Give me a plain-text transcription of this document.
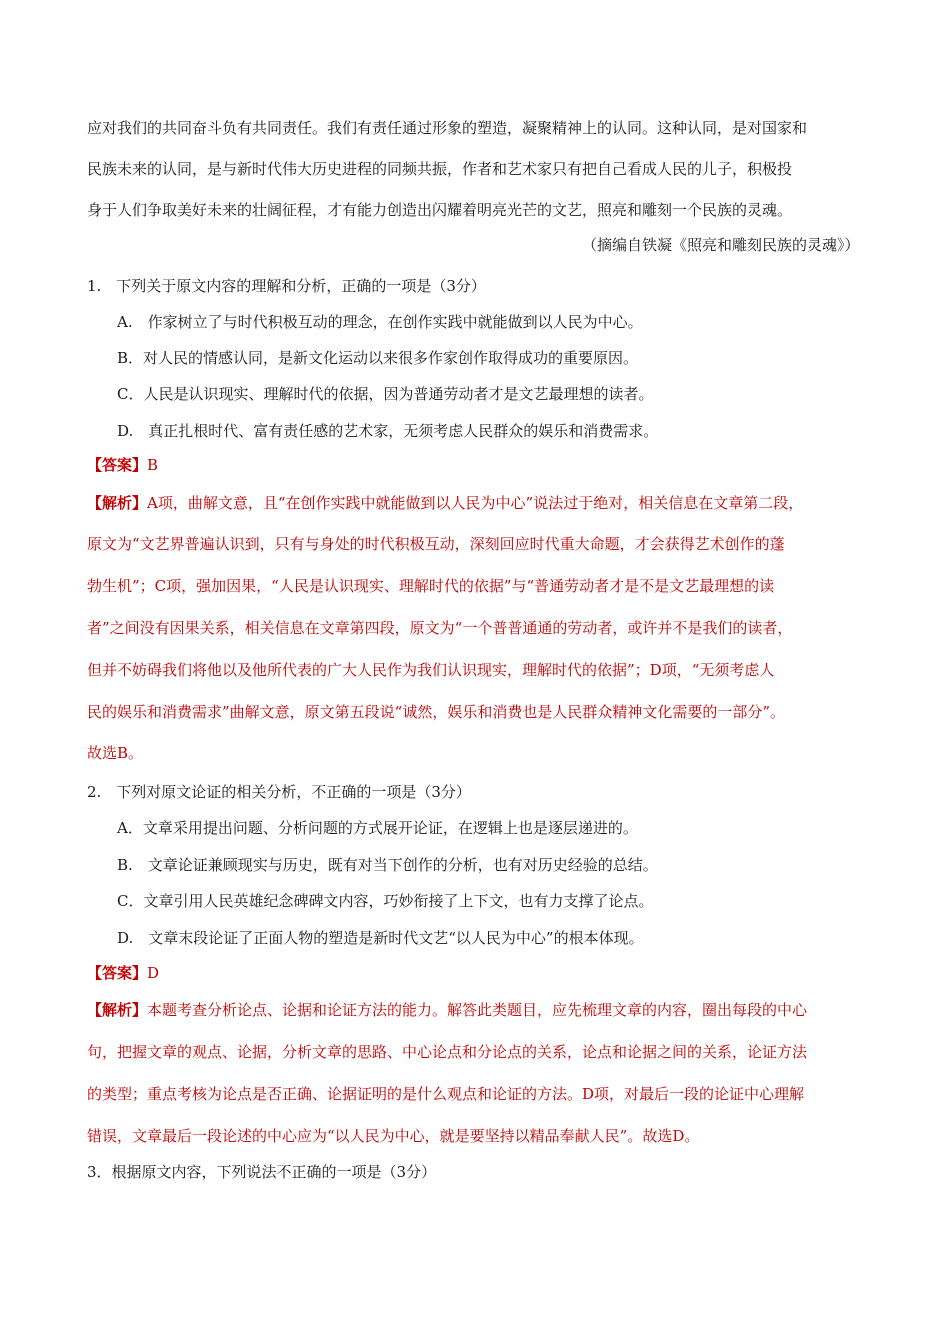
应对我们的共同奋斗负有共同责任。我们有责任通过形象的塑造，凝聚精神上的认同。这种认同，是对国家和
民族未来的认同，是与新时代伟大历史进程的同频共振，作者和艺术家只有把自己看成人民的儿子，积极投
身于人们争取美好未来的壮阔征程，才有能力创造出闪耀着明亮光芒的文艺，照亮和雕刻一个民族的灵魂。
（摘编自铁凝《照亮和雕刻民族的灵魂》）
1.　下列关于原文内容的理解和分析，正确的一项是（3分）
A.　作家树立了与时代积极互动的理念，在创作实践中就能做到以人民为中心。
B．对人民的情感认同，是新文化运动以来很多作家创作取得成功的重要原因。
C．人民是认识现实、理解时代的依据，因为普通劳动者才是文艺最理想的读者。
D.　真正扎根时代、富有责任感的艺术家，无须考虑人民群众的娱乐和消费需求。
【答案】B
【解析】A项，曲解文意，且“在创作实践中就能做到以人民为中心”说法过于绝对，相关信息在文章第二段，
原文为“文艺界普遍认识到，只有与身处的时代积极互动，深刻回应时代重大命题，才会获得艺术创作的蓬
勃生机”；C项，强加因果，“人民是认识现实、理解时代的依据”与“普通劳动者才是不是文艺最理想的读
者”之间没有因果关系，相关信息在文章第四段，原文为“一个普普通通的劳动者，或许并不是我们的读者，
但并不妨碍我们将他以及他所代表的广大人民作为我们认识现实，理解时代的依据”；D项，“无须考虑人
民的娱乐和消费需求”曲解文意，原文第五段说“诚然，娱乐和消费也是人民群众精神文化需要的一部分”。
故选B。
2.　下列对原文论证的相关分析，不正确的一项是（3分）
A．文章采用提出问题、分析问题的方式展开论证，在逻辑上也是逐层递进的。
B.　文章论证兼顾现实与历史，既有对当下创作的分析，也有对历史经验的总结。
C．文章引用人民英雄纪念碑碑文内容，巧妙衔接了上下文，也有力支撑了论点。
D.　文章末段论证了正面人物的塑造是新时代文艺“以人民为中心”的根本体现。
【答案】D
【解析】本题考查分析论点、论据和论证方法的能力。解答此类题目，应先梳理文章的内容，圈出每段的中心
句，把握文章的观点、论据，分析文章的思路、中心论点和分论点的关系，论点和论据之间的关系，论证方法
的类型；重点考核为论点是否正确、论据证明的是什么观点和论证的方法。D项，对最后一段的论证中心理解
错误，文章最后一段论述的中心应为“以人民为中心，就是要坚持以精品奉献人民”。故选D。
3．根据原文内容，下列说法不正确的一项是（3分）
